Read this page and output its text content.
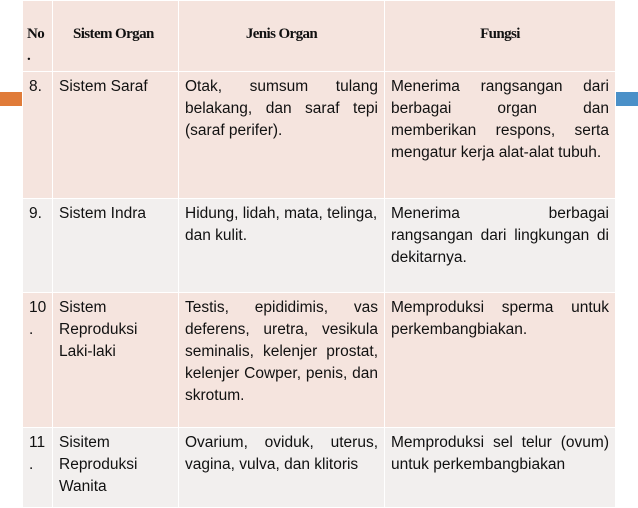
No .	Sistem Organ	Jenis Organ	Fungsi
8.	Sistem Saraf	Otak, sumsum tulang belakang, dan saraf tepi (saraf perifer).	Menerima rangsangan dari berbagai organ dan memberikan respons, serta mengatur kerja alat-alat tubuh.
9.	Sistem Indra	Hidung, lidah, mata, telinga, dan kulit.	Menerima berbagai rangsangan dari lingkungan di dekitarnya.
10 .	Sistem Reproduksi Laki-laki	Testis, epididimis, vas deferens, uretra, vesikula seminalis, kelenjer prostat, kelenjer Cowper, penis, dan skrotum.	Memproduksi sperma untuk perkembangbiakan.
11 .	Sisitem Reproduksi Wanita	Ovarium, oviduk, uterus, vagina, vulva, dan klitoris	Memproduksi sel telur (ovum) untuk perkembangbiakan
